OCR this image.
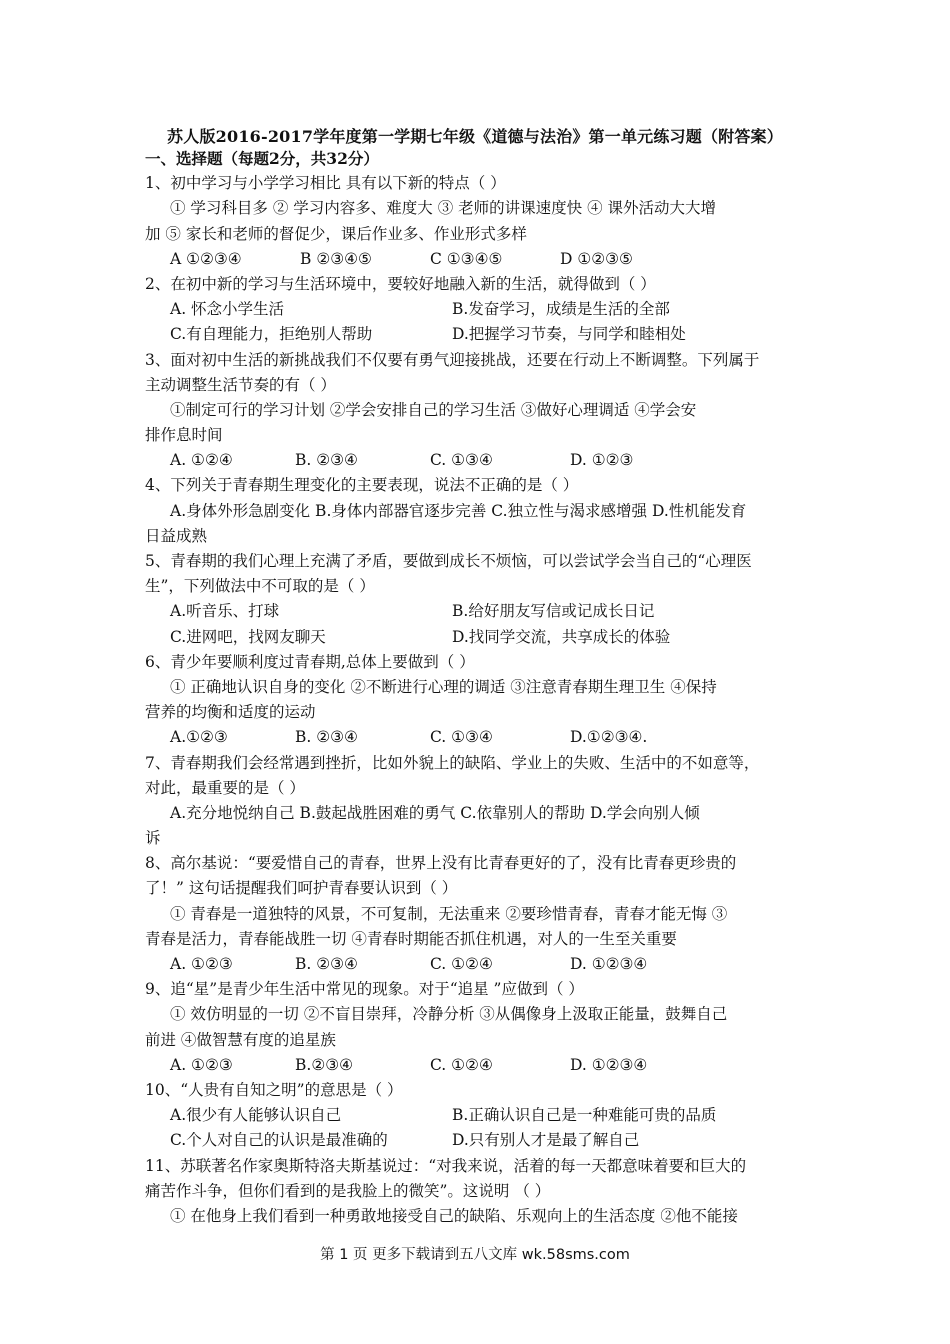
苏人版2016-2017学年度第一学期七年级《道德与法治》第一单元练习题（附答案）
一、选择题（每题2分，共32分）
1、初中学习与小学学习相比 具有以下新的特点（ ）
① 学习科目多 ② 学习内容多、难度大 ③ 老师的讲课速度快 ④ 课外活动大大增
加 ⑤ 家长和老师的督促少，课后作业多、作业形式多样
A ①②③④	B ②③④⑤	C ①③④⑤	D ①②③⑤
2、在初中新的学习与生活环境中，要较好地融入新的生活，就得做到（ ）
A. 怀念小学生活	B.发奋学习，成绩是生活的全部
C.有自理能力，拒绝别人帮助	D.把握学习节奏，与同学和睦相处
3、面对初中生活的新挑战我们不仅要有勇气迎接挑战，还要在行动上不断调整。下列属于
主动调整生活节奏的有（ ）
①制定可行的学习计划 ②学会安排自己的学习生活 ③做好心理调适 ④学会安
排作息时间
A. ①②④	B. ②③④	C. ①③④	D. ①②③
4、下列关于青春期生理变化的主要表现，说法不正确的是（ ）
A.身体外形急剧变化 B.身体内部器官逐步完善 C.独立性与渴求感增强 D.性机能发育
日益成熟
5、青春期的我们心理上充满了矛盾，要做到成长不烦恼，可以尝试学会当自己的“心理医
生”，下列做法中不可取的是（ ）
A.听音乐、打球	B.给好朋友写信或记成长日记
C.进网吧，找网友聊天	D.找同学交流，共享成长的体验
6、青少年要顺利度过青春期,总体上要做到（ ）
① 正确地认识自身的变化 ②不断进行心理的调适 ③注意青春期生理卫生 ④保持
营养的均衡和适度的运动
A.①②③	B. ②③④	C. ①③④	D.①②③④.
7、青春期我们会经常遇到挫折，比如外貌上的缺陷、学业上的失败、生活中的不如意等，
对此，最重要的是（ ）
A.充分地悦纳自己 B.鼓起战胜困难的勇气 C.依靠别人的帮助 D.学会向别人倾
诉
8、高尔基说：“要爱惜自己的青春，世界上没有比青春更好的了，没有比青春更珍贵的
了！” 这句话提醒我们呵护青春要认识到（ ）
① 青春是一道独特的风景，不可复制，无法重来 ②要珍惜青春，青春才能无悔 ③
青春是活力，青春能战胜一切 ④青春时期能否抓住机遇，对人的一生至关重要
A. ①②③	B. ②③④	C. ①②④	D. ①②③④
9、追“星”是青少年生活中常见的现象。对于“追星 ”应做到（ ）
① 效仿明显的一切 ②不盲目崇拜，冷静分析 ③从偶像身上汲取正能量，鼓舞自己
前进 ④做智慧有度的追星族
A. ①②③	B.②③④	C. ①②④	D. ①②③④
10、“人贵有自知之明”的意思是（ ）
A.很少有人能够认识自己	B.正确认识自己是一种难能可贵的品质
C.个人对自己的认识是最准确的	D.只有别人才是最了解自己
11、苏联著名作家奥斯特洛夫斯基说过：“对我来说，活着的每一天都意味着要和巨大的
痛苦作斗争，但你们看到的是我脸上的微笑”。这说明 （ ）
① 在他身上我们看到一种勇敢地接受自己的缺陷、乐观向上的生活态度 ②他不能接
第 1 页 更多下载请到五八文库 wk.58sms.com
